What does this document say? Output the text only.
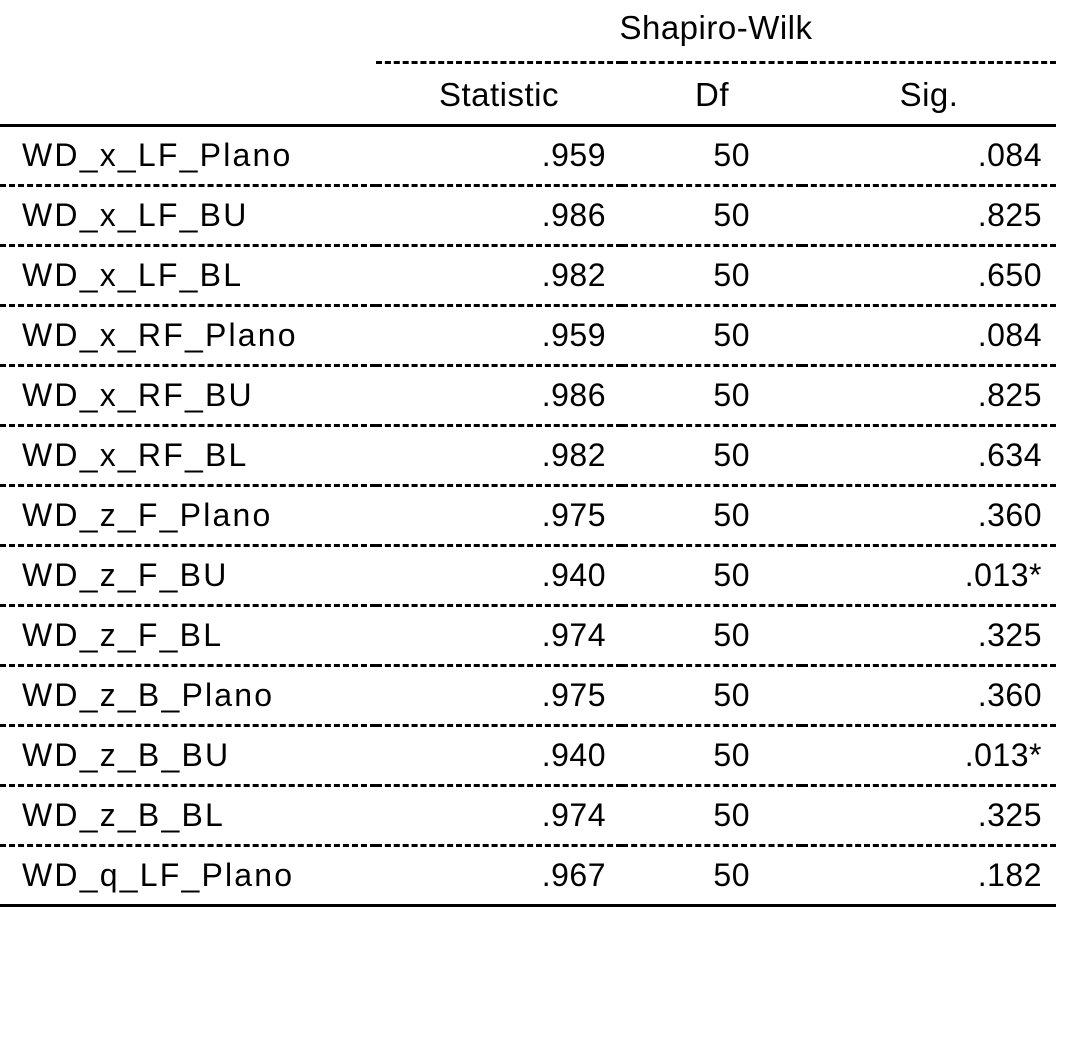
	Shapiro-Wilk		
	Statistic	Df	Sig.
WD_x_LF_Plano	.959	50	.084
WD_x_LF_BU	.986	50	.825
WD_x_LF_BL	.982	50	.650
WD_x_RF_Plano	.959	50	.084
WD_x_RF_BU	.986	50	.825
WD_x_RF_BL	.982	50	.634
WD_z_F_Plano	.975	50	.360
WD_z_F_BU	.940	50	.013*
WD_z_F_BL	.974	50	.325
WD_z_B_Plano	.975	50	.360
WD_z_B_BU	.940	50	.013*
WD_z_B_BL	.974	50	.325
WD_q_LF_Plano	.967	50	.182
